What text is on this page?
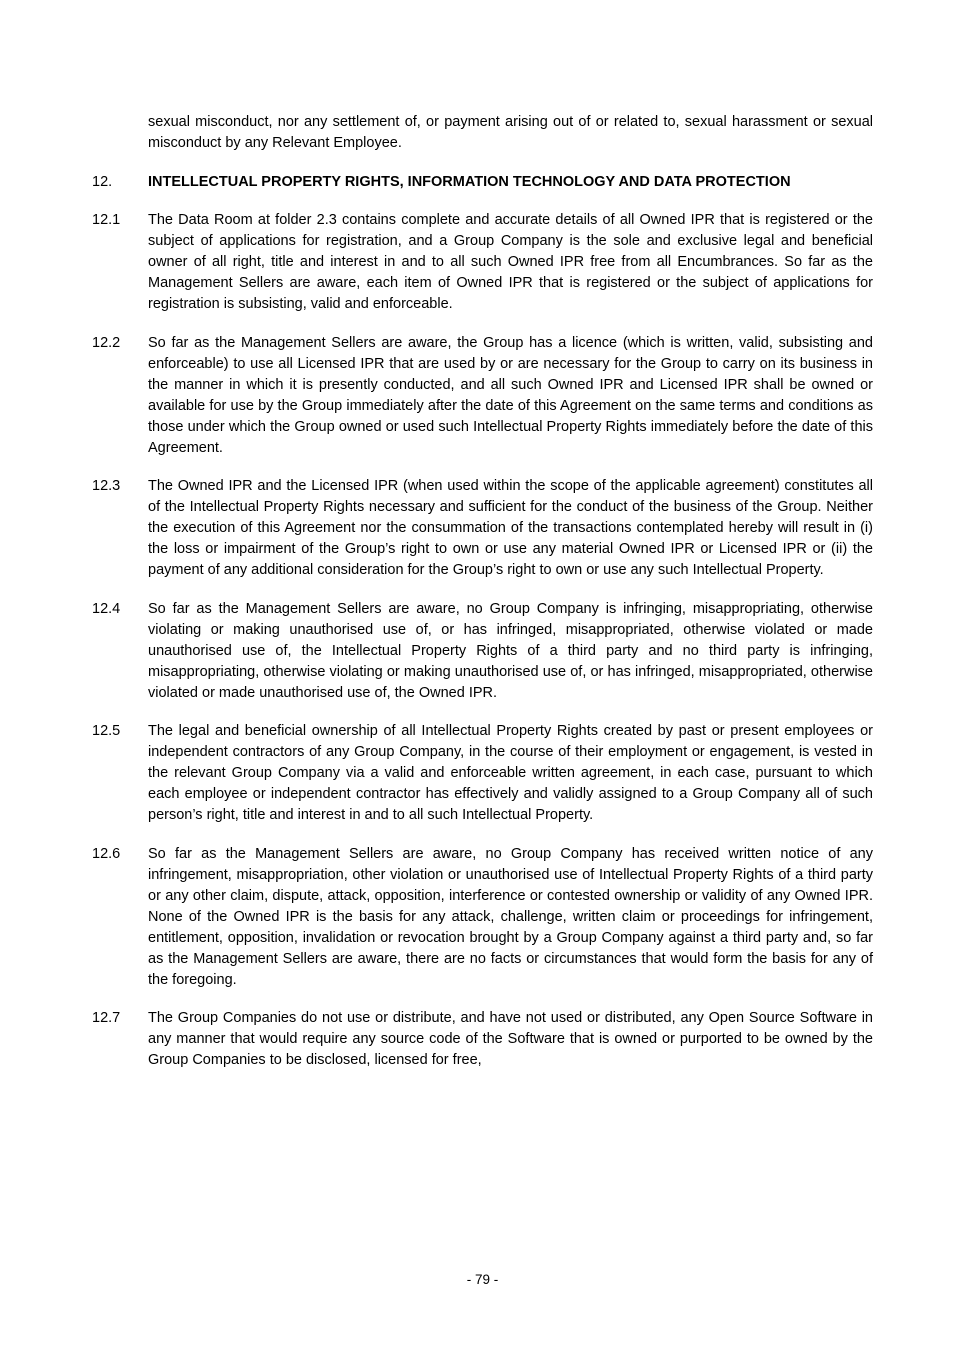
sexual misconduct, nor any settlement of, or payment arising out of or related to, sexual harassment or sexual misconduct by any Relevant Employee.

12.	INTELLECTUAL PROPERTY RIGHTS, INFORMATION TECHNOLOGY AND DATA PROTECTION
12.1	The Data Room at folder 2.3 contains complete and accurate details of all Owned IPR that is registered or the subject of applications for registration, and a Group Company is the sole and exclusive legal and beneficial owner of all right, title and interest in and to all such Owned IPR free from all Encumbrances. So far as the Management Sellers are aware, each item of Owned IPR that is registered or the subject of applications for registration is subsisting, valid and enforceable.
12.2	So far as the Management Sellers are aware, the Group has a licence (which is written, valid, subsisting and enforceable) to use all Licensed IPR that are used by or are necessary for the Group to carry on its business in the manner in which it is presently conducted, and all such Owned IPR and Licensed IPR shall be owned or available for use by the Group immediately after the date of this Agreement on the same terms and conditions as those under which the Group owned or used such Intellectual Property Rights immediately before the date of this Agreement.
12.3	The Owned IPR and the Licensed IPR (when used within the scope of the applicable agreement) constitutes all of the Intellectual Property Rights necessary and sufficient for the conduct of the business of the Group. Neither the execution of this Agreement nor the consummation of the transactions contemplated hereby will result in (i) the loss or impairment of the Group’s right to own or use any material Owned IPR or Licensed IPR or (ii) the payment of any additional consideration for the Group’s right to own or use any such Intellectual Property.
12.4	So far as the Management Sellers are aware, no Group Company is infringing, misappropriating, otherwise violating or making unauthorised use of, or has infringed, misappropriated, otherwise violated or made unauthorised use of, the Intellectual Property Rights of a third party and no third party is infringing, misappropriating, otherwise violating or making unauthorised use of, or has infringed, misappropriated, otherwise violated or made unauthorised use of, the Owned IPR.
12.5	The legal and beneficial ownership of all Intellectual Property Rights created by past or present employees or independent contractors of any Group Company, in the course of their employment or engagement, is vested in the relevant Group Company via a valid and enforceable written agreement, in each case, pursuant to which each employee or independent contractor has effectively and validly assigned to a Group Company all of such person’s right, title and interest in and to all such Intellectual Property.
12.6	So far as the Management Sellers are aware, no Group Company has received written notice of any infringement, misappropriation, other violation or unauthorised use of Intellectual Property Rights of a third party or any other claim, dispute, attack, opposition, interference or contested ownership or validity of any Owned IPR. None of the Owned IPR is the basis for any attack, challenge, written claim or proceedings for infringement, entitlement, opposition, invalidation or revocation brought by a Group Company against a third party and, so far as the Management Sellers are aware, there are no facts or circumstances that would form the basis for any of the foregoing.
12.7	The Group Companies do not use or distribute, and have not used or distributed, any Open Source Software in any manner that would require any source code of the Software that is owned or purported to be owned by the Group Companies to be disclosed, licensed for free,
- 79 -
